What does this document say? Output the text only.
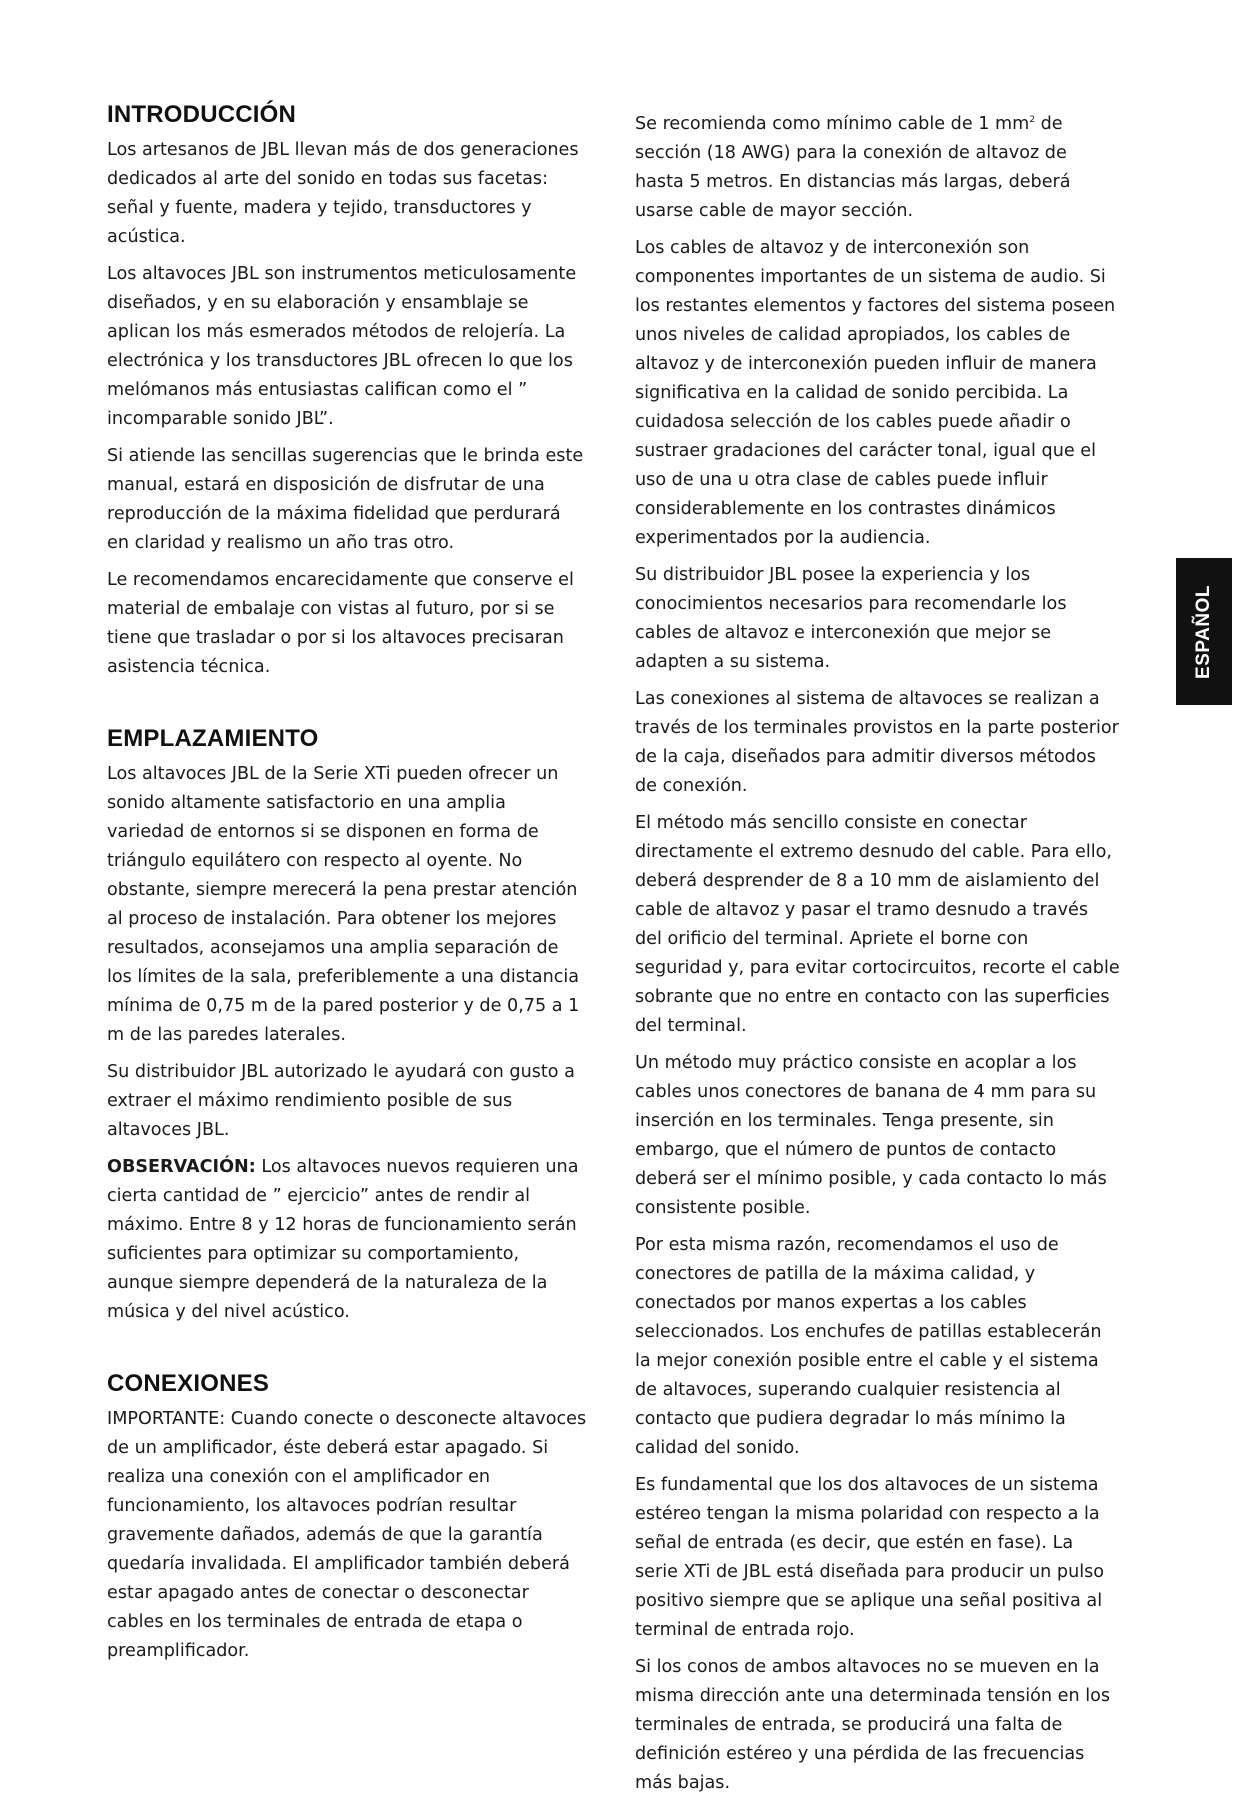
INTRODUCCIÓN

Los artesanos de JBL llevan más de dos generaciones dedicados al arte del sonido en todas sus facetas: señal y fuente, madera y tejido, transductores y acústica.

Los altavoces JBL son instrumentos meticulosamente diseñados, y en su elaboración y ensamblaje se aplican los más esmerados métodos de relojería. La electrónica y los transductores JBL ofrecen lo que los melómanos más entusiastas califican como el ” incomparable sonido JBL”.

Si atiende las sencillas sugerencias que le brinda este manual, estará en disposición de disfrutar de una reproducción de la máxima fidelidad que perdurará en claridad y realismo un año tras otro.

Le recomendamos encarecidamente que conserve el material de embalaje con vistas al futuro, por si se tiene que trasladar o por si los altavoces precisaran asistencia técnica.

EMPLAZAMIENTO

Los altavoces JBL de la Serie XTi pueden ofrecer un sonido altamente satisfactorio en una amplia variedad de entornos si se disponen en forma de triángulo equilátero con respecto al oyente. No obstante, siempre merecerá la pena prestar atención al proceso de instalación. Para obtener los mejores resultados, aconsejamos una amplia separación de los límites de la sala, preferiblemente a una distancia mínima de 0,75 m de la pared posterior y de 0,75 a 1 m de las paredes laterales.

Su distribuidor JBL autorizado le ayudará con gusto a extraer el máximo rendimiento posible de sus altavoces JBL.

OBSERVACIÓN: Los altavoces nuevos requieren una cierta cantidad de ” ejercicio” antes de rendir al máximo. Entre 8 y 12 horas de funcionamiento serán suficientes para optimizar su comportamiento, aunque siempre dependerá de la naturaleza de la música y del nivel acústico.

CONEXIONES

IMPORTANTE: Cuando conecte o desconecte altavoces de un amplificador, éste deberá estar apagado. Si realiza una conexión con el amplificador en funcionamiento, los altavoces podrían resultar gravemente dañados, además de que la garantía quedaría invalidada. El amplificador también deberá estar apagado antes de conectar o desconectar cables en los terminales de entrada de etapa o preamplificador.

Se recomienda como mínimo cable de 1 $mm^2$ de sección (18 AWG) para la conexión de altavoz de hasta 5 metros. En distancias más largas, deberá usarse cable de mayor sección.

Los cables de altavoz y de interconexión son componentes importantes de un sistema de audio. Si los restantes elementos y factores del sistema poseen unos niveles de calidad apropiados, los cables de altavoz y de interconexión pueden influir de manera significativa en la calidad de sonido percibida. La cuidadosa selección de los cables puede añadir o sustraer gradaciones del carácter tonal, igual que el uso de una u otra clase de cables puede influir considerablemente en los contrastes dinámicos experimentados por la audiencia.

Su distribuidor JBL posee la experiencia y los conocimientos necesarios para recomendarle los cables de altavoz e interconexión que mejor se adapten a su sistema.

Las conexiones al sistema de altavoces se realizan a través de los terminales provistos en la parte posterior de la caja, diseñados para admitir diversos métodos de conexión.

El método más sencillo consiste en conectar directamente el extremo desnudo del cable. Para ello, deberá desprender de 8 a 10 mm de aislamiento del cable de altavoz y pasar el tramo desnudo a través del orificio del terminal. Apriete el borne con seguridad y, para evitar cortocircuitos, recorte el cable sobrante que no entre en contacto con las superficies del terminal.

Un método muy práctico consiste en acoplar a los cables unos conectores de banana de 4 mm para su inserción en los terminales. Tenga presente, sin embargo, que el número de puntos de contacto deberá ser el mínimo posible, y cada contacto lo más consistente posible.

Por esta misma razón, recomendamos el uso de conectores de patilla de la máxima calidad, y conectados por manos expertas a los cables seleccionados. Los enchufes de patillas establecerán la mejor conexión posible entre el cable y el sistema de altavoces, superando cualquier resistencia al contacto que pudiera degradar lo más mínimo la calidad del sonido.

Es fundamental que los dos altavoces de un sistema estéreo tengan la misma polaridad con respecto a la señal de entrada (es decir, que estén en fase). La serie XTi de JBL está diseñada para producir un pulso positivo siempre que se aplique una señal positiva al terminal de entrada rojo.

Si los conos de ambos altavoces no se mueven en la misma dirección ante una determinada tensión en los terminales de entrada, se producirá una falta de definición estéreo y una pérdida de las frecuencias más bajas.

ESPAÑOL
